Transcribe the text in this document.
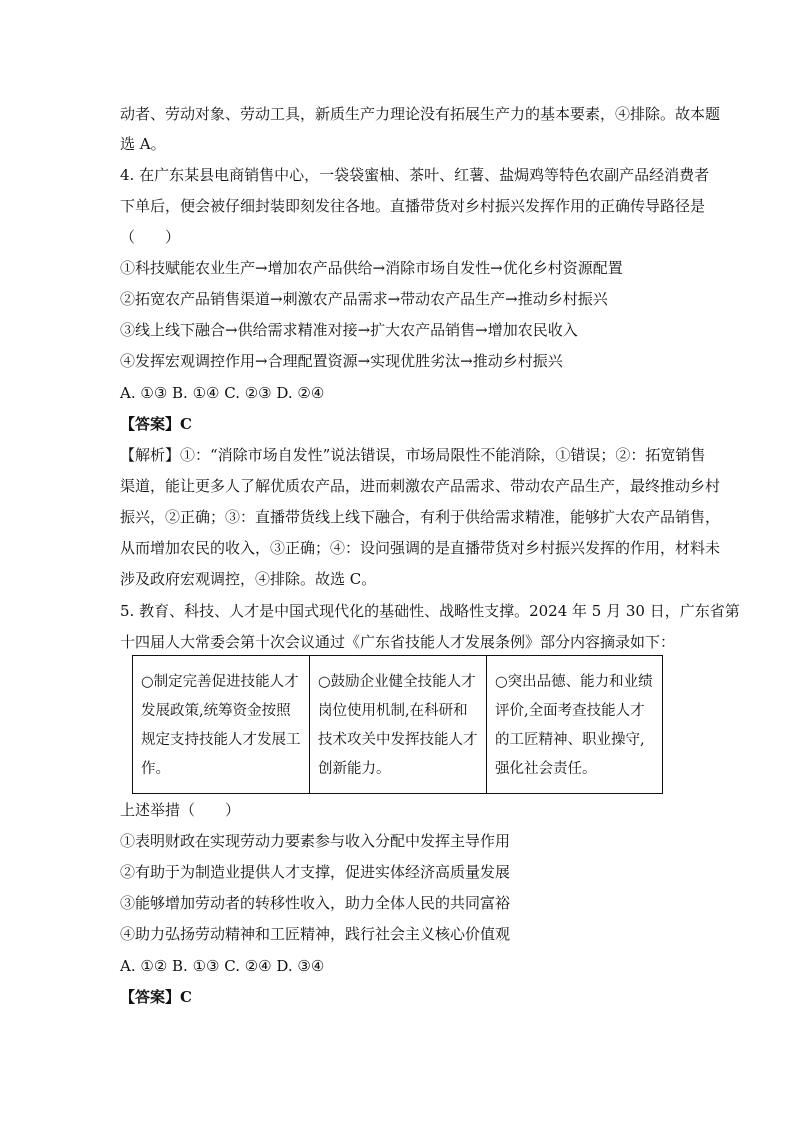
动者、劳动对象、劳动工具，新质生产力理论没有拓展生产力的基本要素，④排除。故本题
选 A。
4. 在广东某县电商销售中心，一袋袋蜜柚、茶叶、红薯、盐焗鸡等特色农副产品经消费者
下单后，便会被仔细封装即刻发往各地。直播带货对乡村振兴发挥作用的正确传导路径是
（　　）
①科技赋能农业生产→增加农产品供给→消除市场自发性→优化乡村资源配置
②拓宽农产品销售渠道→刺激农产品需求→带动农产品生产→推动乡村振兴
③线上线下融合→供给需求精准对接→扩大农产品销售→增加农民收入
④发挥宏观调控作用→合理配置资源→实现优胜劣汰→推动乡村振兴
A. ①③ B. ①④ C. ②③ D. ②④
【答案】C
【解析】①：“消除市场自发性”说法错误，市场局限性不能消除，①错误；②：拓宽销售
渠道，能让更多人了解优质农产品，进而刺激农产品需求、带动农产品生产，最终推动乡村
振兴，②正确；③：直播带货线上线下融合，有利于供给需求精准，能够扩大农产品销售，
从而增加农民的收入，③正确；④：设问强调的是直播带货对乡村振兴发挥的作用，材料未
涉及政府宏观调控，④排除。故选 C。
5. 教育、科技、人才是中国式现代化的基础性、战略性支撑。2024 年 5 月 30 日，广东省第
十四届人大常委会第十次会议通过《广东省技能人才发展条例》部分内容摘录如下：
○制定完善促进技能人才发展政策,统筹资金按照规定支持技能人才发展工作。	○鼓励企业健全技能人才岗位使用机制,在科研和技术攻关中发挥技能人才创新能力。	○突出品德、能力和业绩评价,全面考查技能人才的工匠精神、职业操守,强化社会责任。
上述举措（　　）
①表明财政在实现劳动力要素参与收入分配中发挥主导作用
②有助于为制造业提供人才支撑，促进实体经济高质量发展
③能够增加劳动者的转移性收入，助力全体人民的共同富裕
④助力弘扬劳动精神和工匠精神，践行社会主义核心价值观
A. ①② B. ①③ C. ②④ D. ③④
【答案】C
